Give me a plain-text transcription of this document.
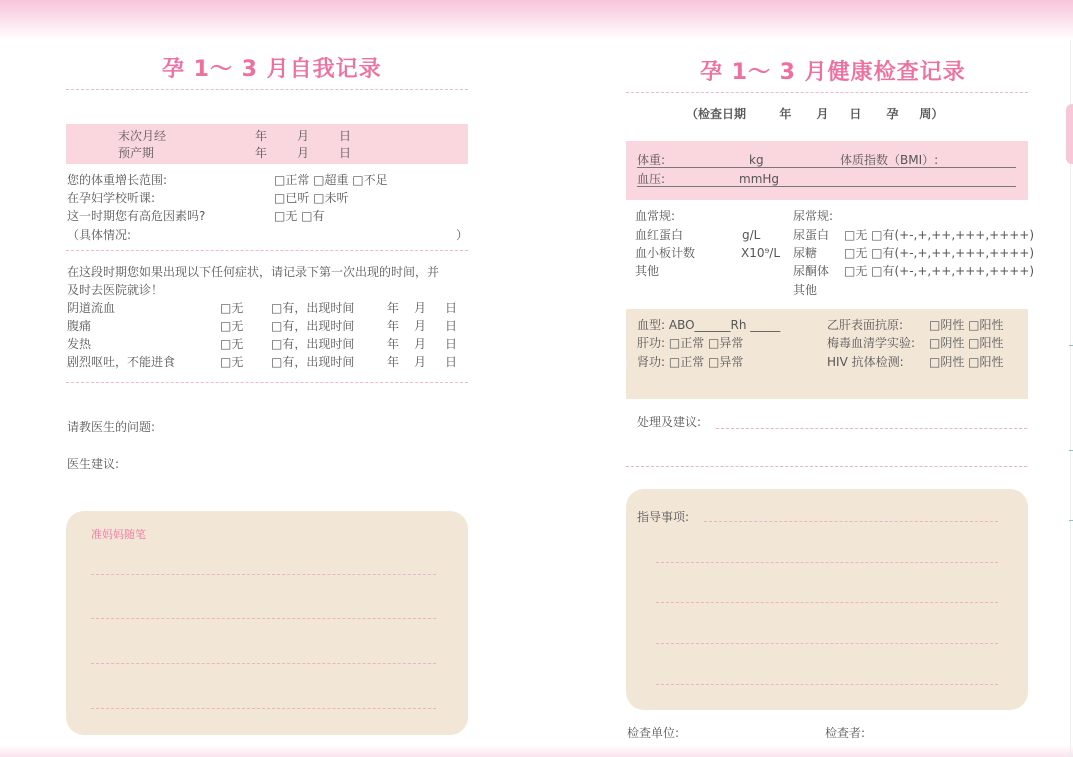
孕 1～ 3 月自我记录
末次月经	年 月 日
预产期	年 月 日
您的体重增长范围:	□正常 □超重 □不足
在孕妇学校听课:	□已听 □未听
这一时期您有高危因素吗?	□无 □有
（具体情况:	）
在这段时期您如果出现以下任何症状，请记录下第一次出现的时间，并
及时去医院就诊！
阴道流血	□无 □有，出现时间	年 月 日
腹痛	□无 □有，出现时间	年 月 日
发热	□无 □有，出现时间	年 月 日
剧烈呕吐，不能进食	□无 □有，出现时间	年 月 日
请教医生的问题:
医生建议:
准妈妈随笔
孕 1～ 3 月健康检查记录
（检查日期        年      月     日      孕     周）
体重:	kg	体质指数（BMI）:
血压:	mmHg
血常规:
血红蛋白	g/L
血小板计数	X10⁹/L
其他
尿常规:
尿蛋白 □无 □有(+-,+,++,+++,++++)
尿糖 □无 □有(+-,+,++,+++,++++)
尿酮体 □无 □有(+-,+,++,+++,++++)
其他
血型: ABO______Rh _____
肝功: □正常 □异常
肾功: □正常 □异常
乙肝表面抗原: □阴性 □阳性
梅毒血清学实验: □阴性 □阳性
HIV 抗体检测: □阴性 □阳性
处理及建议:
指导事项:
检查单位:	检查者:
